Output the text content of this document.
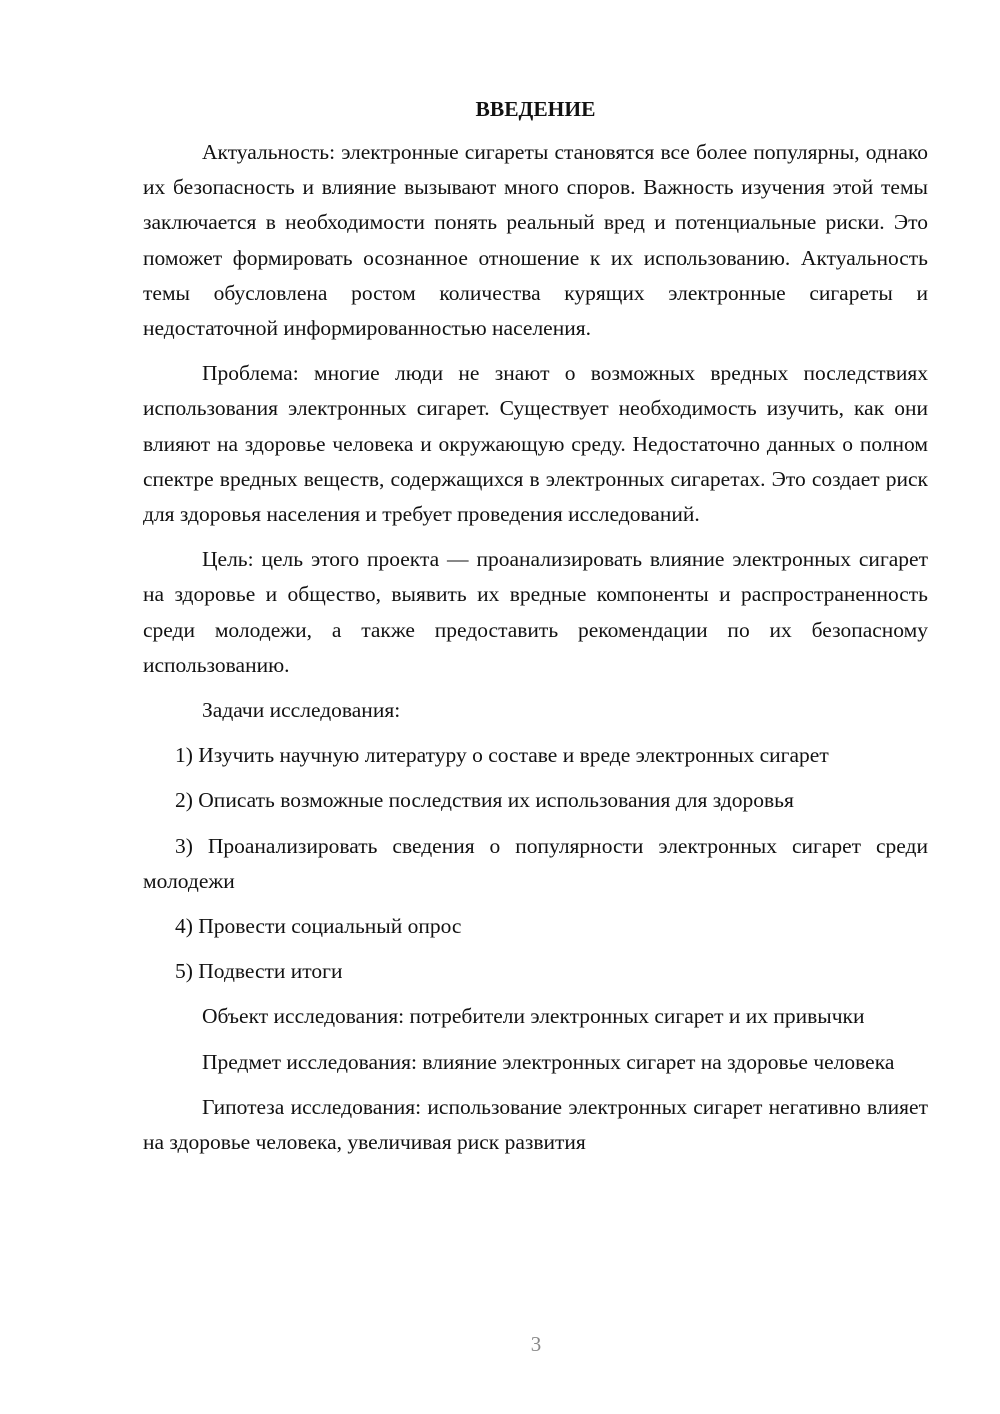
ВВЕДЕНИЕ

Актуальность: электронные сигареты становятся все более популярны, однако их безопасность и влияние вызывают много споров. Важность изучения этой темы заключается в необходимости понять реальный вред и потенциальные риски. Это поможет формировать осознанное отношение к их использованию. Актуальность темы обусловлена ростом количества курящих электронные сигареты и недостаточной информированностью населения.

Проблема: многие люди не знают о возможных вредных последствиях использования электронных сигарет. Существует необходимость изучить, как они влияют на здоровье человека и окружающую среду. Недостаточно данных о полном спектре вредных веществ, содержащихся в электронных сигаретах. Это создает риск для здоровья населения и требует проведения исследований.

Цель: цель этого проекта — проанализировать влияние электронных сигарет на здоровье и общество, выявить их вредные компоненты и распространенность среди молодежи, а также предоставить рекомендации по их безопасному использованию.

Задачи исследования:

1) Изучить научную литературу о составе и вреде электронных сигарет

2) Описать возможные последствия их использования для здоровья

3) Проанализировать сведения о популярности электронных сигарет среди молодежи

4) Провести социальный опрос

5) Подвести итоги

Объект исследования: потребители электронных сигарет и их привычки

Предмет исследования: влияние электронных сигарет на здоровье человека

Гипотеза исследования: использование электронных сигарет негативно влияет на здоровье человека, увеличивая риск развития

3
